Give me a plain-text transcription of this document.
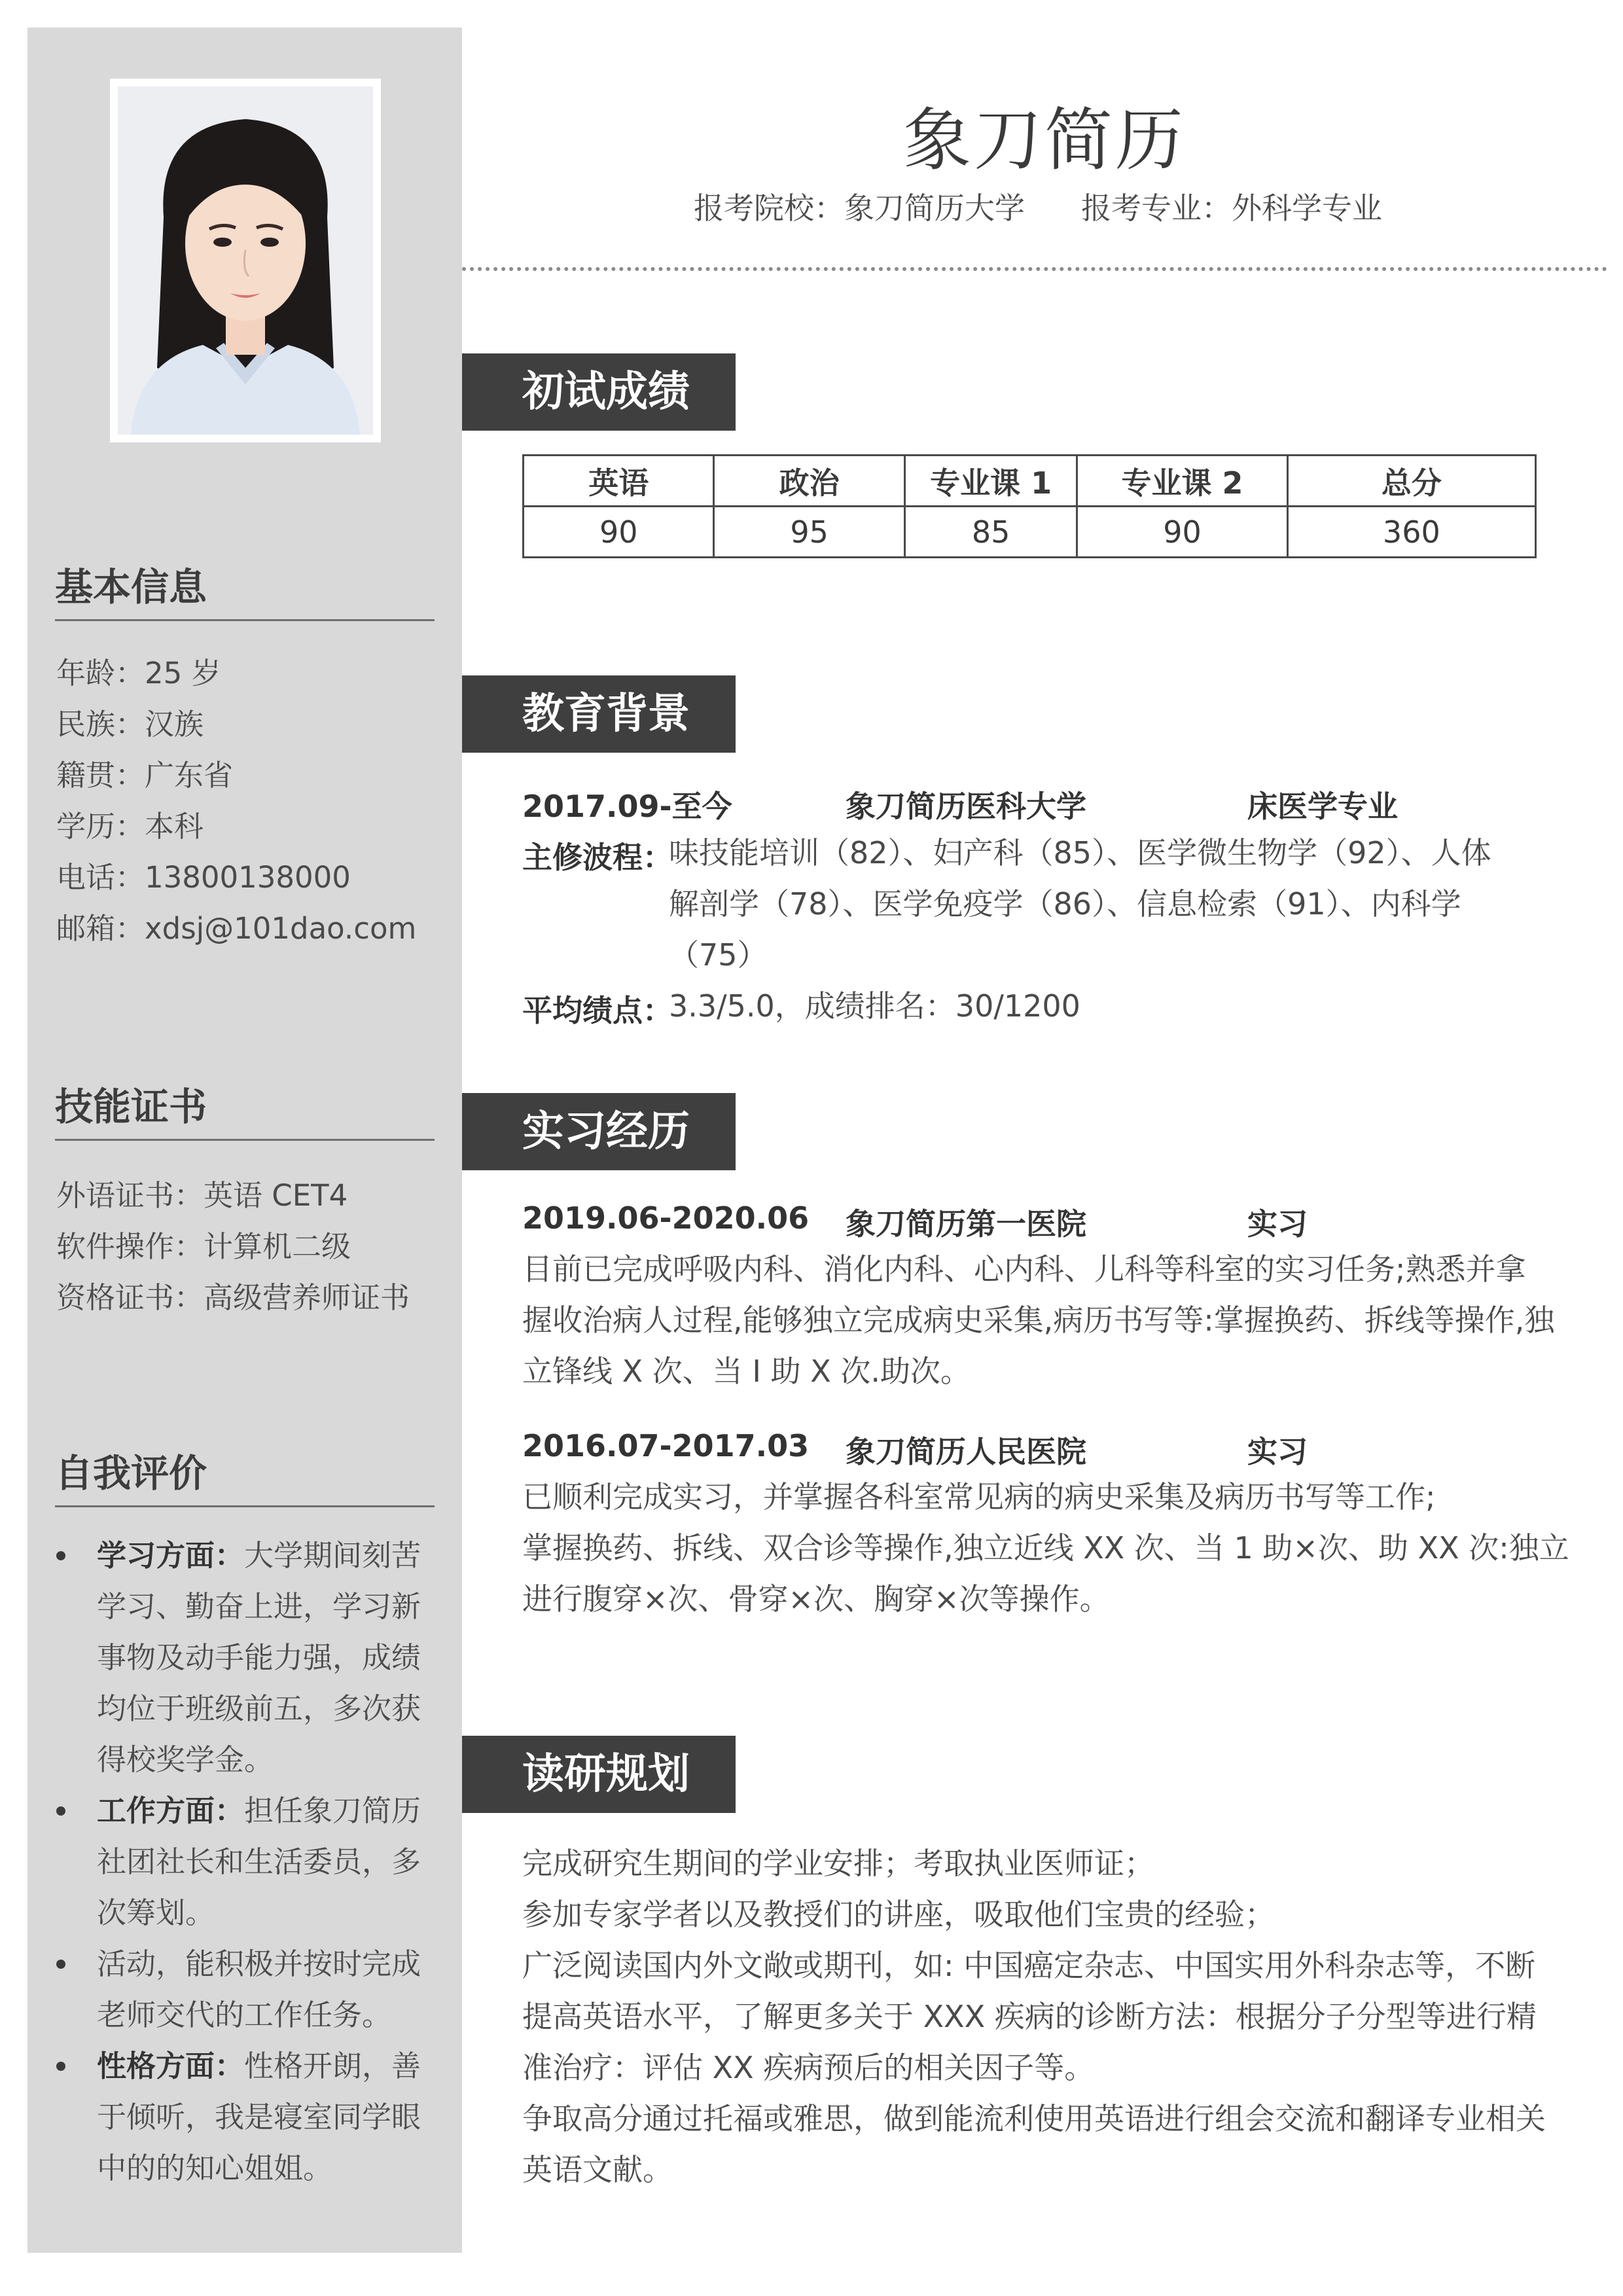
基本信息
年龄：25 岁
民族：汉族
籍贯：广东省
学历：本科
电话：13800138000
邮箱：xdsj@101dao.com
技能证书
外语证书：英语 CET4
软件操作：计算机二级
资格证书：高级营养师证书
自我评价
学习方面：大学期间刻苦学习、勤奋上进，学习新事物及动手能力强，成绩均位于班级前五，多次获得校奖学金。
工作方面：担任象刀简历社团社长和生活委员，多次筹划。
活动，能积极并按时完成老师交代的工作任务。
性格方面：性格开朗，善于倾听，我是寝室同学眼中的的知心姐姐。
象刀简历
报考院校：象刀简历大学 报考专业：外科学专业
初试成绩
英语	政治	专业课 1	专业课 2	总分
90	95	85	90	360
教育背景
2017.09-至今	象刀简历医科大学	床医学专业
主修波程：
味技能培训（82）、妇产科（85）、医学微生物学（92）、人体
解剖学（78）、医学免疫学（86）、信息检索（91）、内科学
（75）
平均绩点：
3.3/5.0，成绩排名：30/1200
实习经历
2019.06-2020.06 象刀简历第一医院	实习
目前已完成呼吸内科、消化内科、心内科、儿科等科室的实习任务;熟悉并拿
握收治病人过程,能够独立完成病史采集,病历书写等:掌握换药、拆线等操作,独
立锋线 X 次、当 I 助 X 次.助次。
2016.07-2017.03 象刀简历人民医院	实习
已顺利完成实习，并掌握各科室常见病的病史采集及病历书写等工作;
掌握换药、拆线、双合诊等操作,独立近线 XX 次、当 1 助×次、助 XX 次:独立
进行腹穿×次、骨穿×次、胸穿×次等操作。
读研规划
完成研究生期间的学业安排；考取执业医师证；
参加专家学者以及教授们的讲座，吸取他们宝贵的经验；
广泛阅读国内外文敞或期刊，如: 中国癌定杂志、中国实用外科杂志等，不断
提高英语水平，了解更多关于 XXX 疾病的诊断方法：根据分子分型等进行精
准治疗：评估 XX 疾病预后的相关因子等。
争取高分通过托福或雅思，做到能流利使用英语进行组会交流和翻译专业相关
英语文献。
